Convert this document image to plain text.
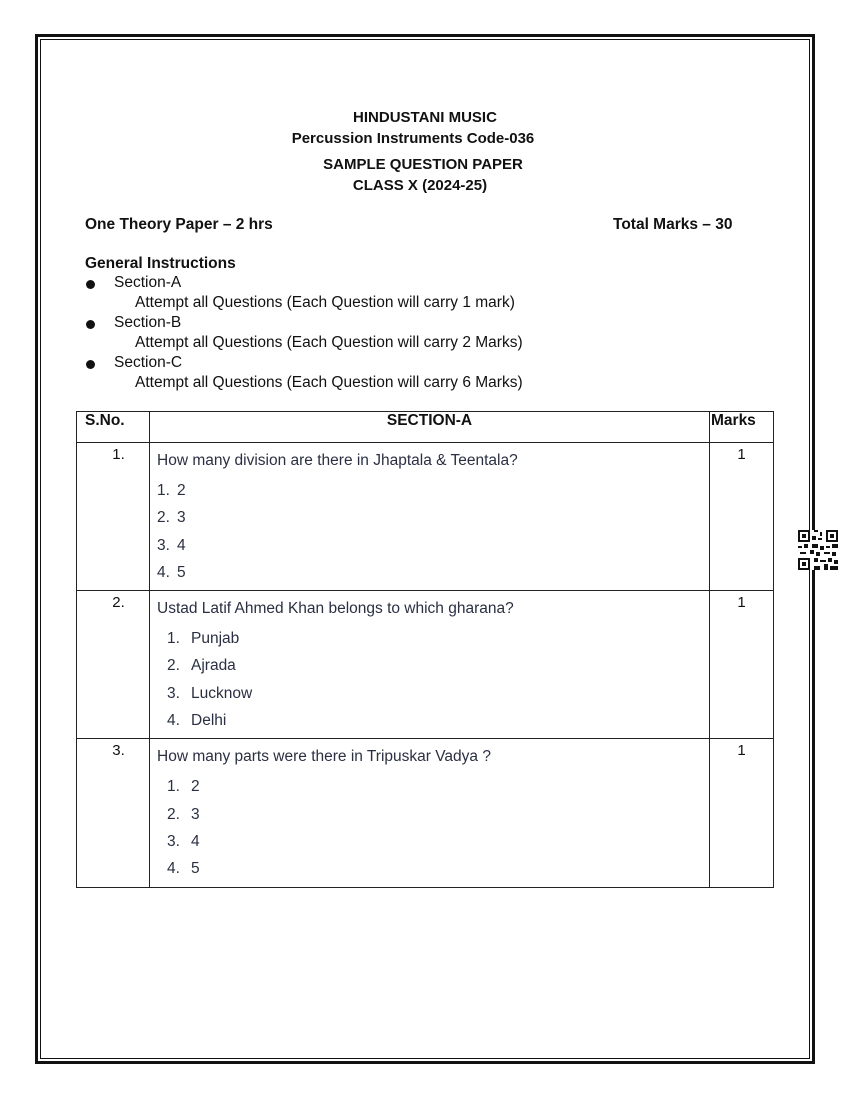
HINDUSTANI MUSIC
Percussion Instruments Code-036
SAMPLE QUESTION PAPER
CLASS X (2024-25)
One Theory Paper – 2 hrs	Total Marks – 30
General Instructions
Section-A
Attempt all Questions (Each Question will carry 1 mark)
Section-B
Attempt all Questions (Each Question will carry 2 Marks)
Section-C
Attempt all Questions (Each Question will carry 6 Marks)
S.No.	SECTION-A	Marks
1.	How many division are there in Jhaptala & Teentala?
1. 2
2. 3
3. 4
4. 5	1
2.	Ustad Latif Ahmed Khan belongs to which gharana?
1. Punjab
2. Ajrada
3. Lucknow
4. Delhi	1
3.	How many parts were there in Tripuskar Vadya ?
1. 2
2. 3
3. 4
4. 5	1
